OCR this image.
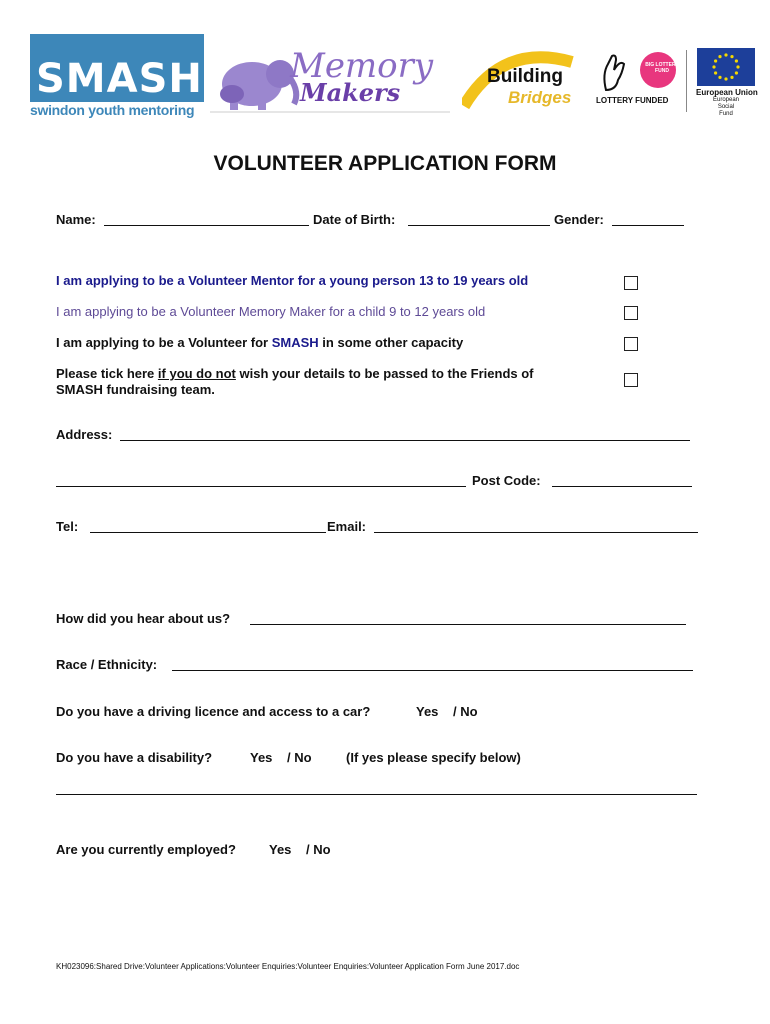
SMASH
swindon youth mentoring
Memory
Makers
Building
Bridges
BIG LOTTERY FUND
LOTTERY FUNDED
European Union
European Social Fund
VOLUNTEER APPLICATION FORM
Name:	Date of Birth:	Gender:
I am applying to be a Volunteer Mentor for a young person 13 to 19 years old
I am applying to be a Volunteer Memory Maker for a child 9 to 12 years old
I am applying to be a Volunteer for SMASH in some other capacity
Please tick here if you do not wish your details to be passed to the Friends of
SMASH fundraising team.
Address:
Post Code:
Tel:	Email:
How did you hear about us?
Race / Ethnicity:
Do you have a driving licence and access to a car?	Yes / No
Do you have a disability?	Yes / No	(If yes please specify below)
Are you currently employed?	Yes / No
KH023096:Shared Drive:Volunteer Applications:Volunteer Enquiries:Volunteer Enquiries:Volunteer Application Form June 2017.doc
